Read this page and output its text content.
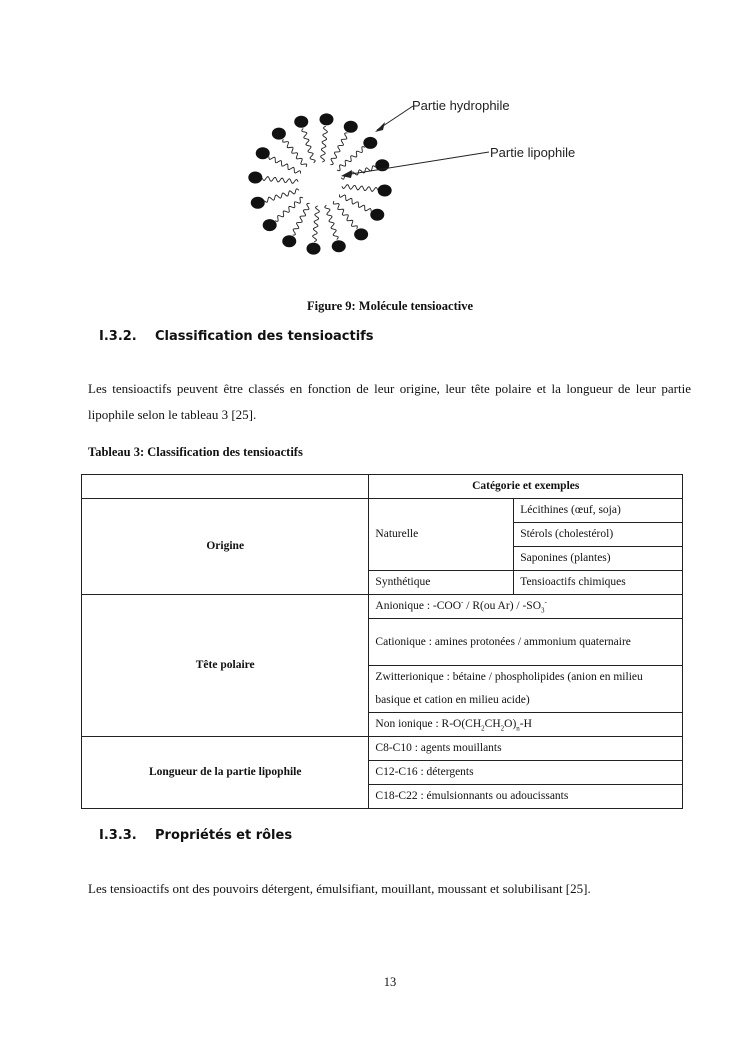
Partie hydrophile
Partie lipophile
Figure 9: Molécule tensioactive
I.3.2. Classification des tensioactifs
Les tensioactifs peuvent être classés en fonction de leur origine, leur tête polaire et la longueur de leur partie lipophile selon le tableau 3 [25].
Tableau 3: Classification des tensioactifs
	Catégorie et exemples	
Origine	Naturelle	Lécithines (œuf, soja)
		Stérols (cholestérol)
		Saponines (plantes)
	Synthétique	Tensioactifs chimiques
Tête polaire	Anionique : -COO- / R(ou $Ar) / -SO_3^-$
	Cationique : amines protonées / ammonium quaternaire	
	Zwitterionique : bétaine / phospholipides (anion en milieu basique et cation en milieu acide)	
	Non ionique : $R-O(CH_2CH_2O)_n-H$	
Longueur de la partie lipophile	C8-C10 : agents mouillants	
	C12-C16 : détergents	
	C18-C22 : émulsionnants ou adoucissants	
I.3.3. Propriétés et rôles
Les tensioactifs ont des pouvoirs détergent, émulsifiant, mouillant, moussant et solubilisant [25].
13
